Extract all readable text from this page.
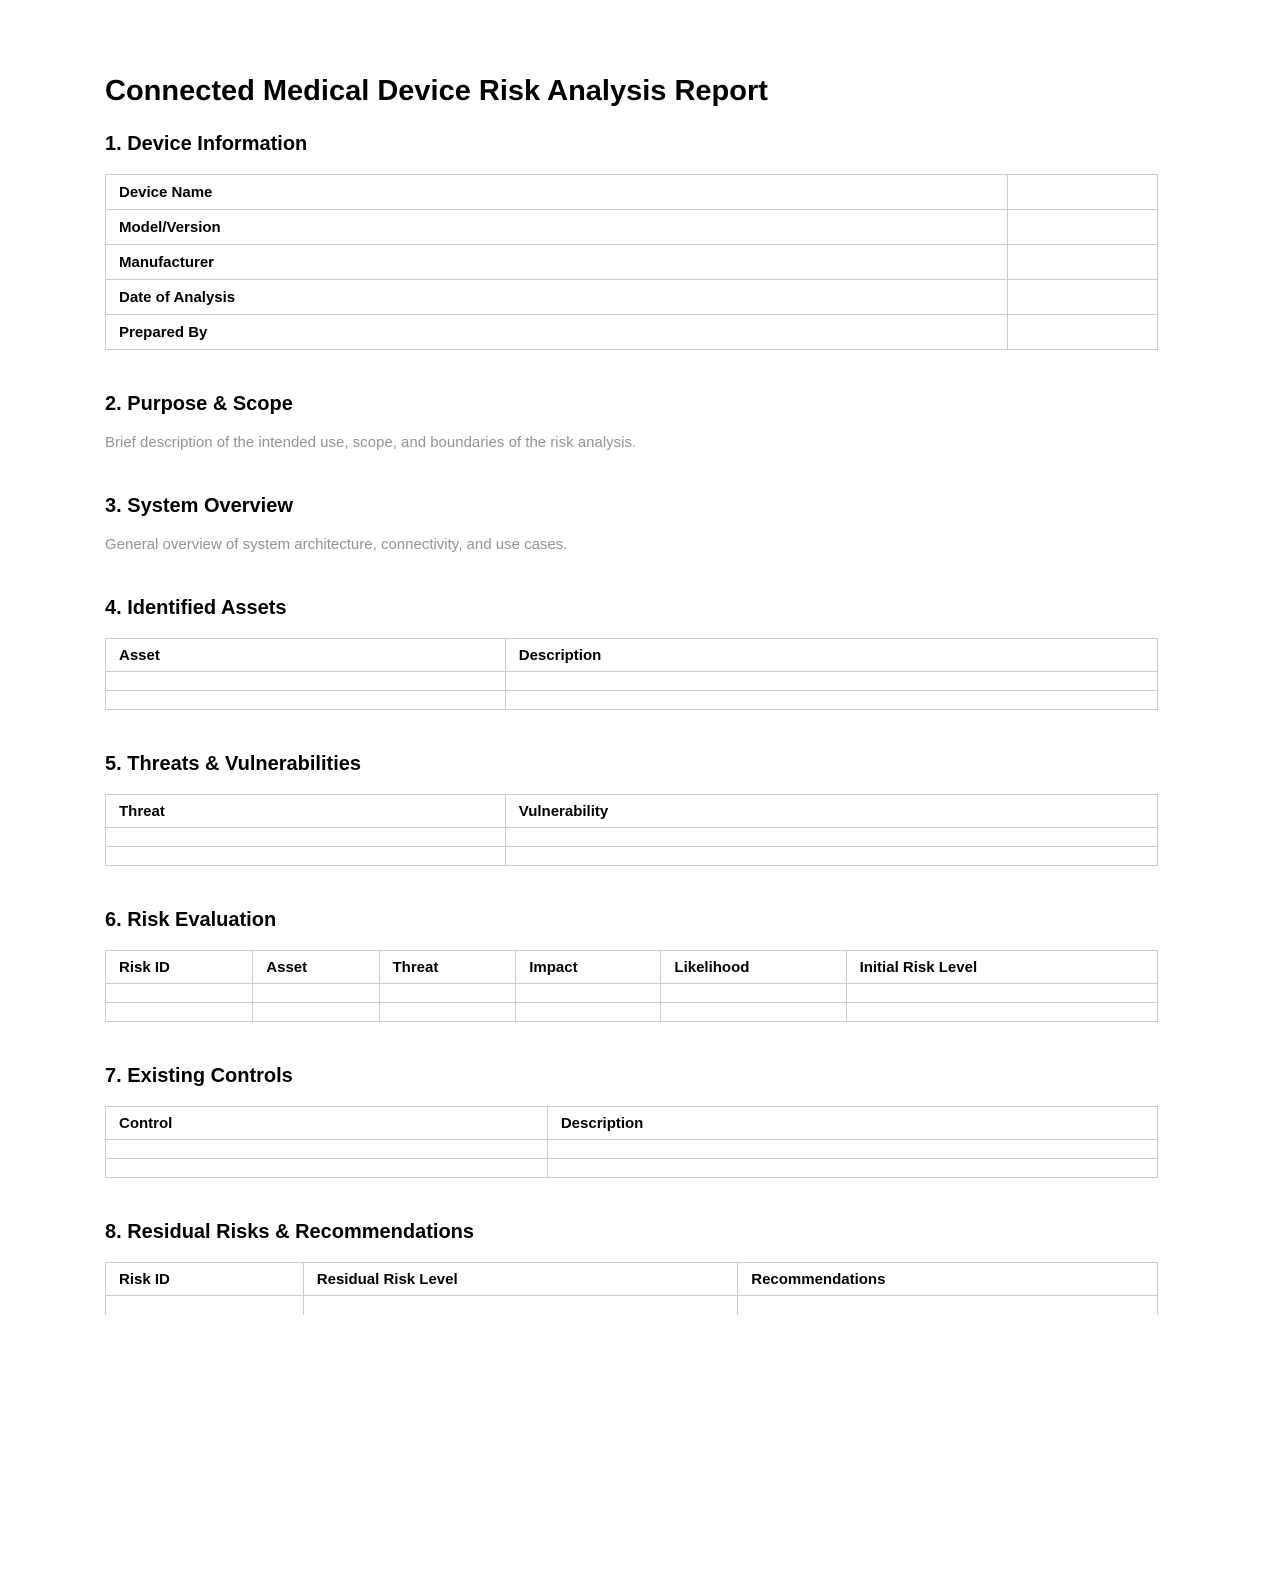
Connected Medical Device Risk Analysis Report
1. Device Information
Device Name	
Model/Version	
Manufacturer	
Date of Analysis	
Prepared By	
2. Purpose & Scope

Brief description of the intended use, scope, and boundaries of the risk analysis.

3. System Overview

General overview of system architecture, connectivity, and use cases.

4. Identified Assets
Asset	Description

5. Threats & Vulnerabilities
Threat	Vulnerability

6. Risk Evaluation
Risk ID	Asset	Threat	Impact	Likelihood	Initial Risk Level

7. Existing Controls
Control	Description

8. Residual Risks & Recommendations
Risk ID	Residual Risk Level	Recommendations
